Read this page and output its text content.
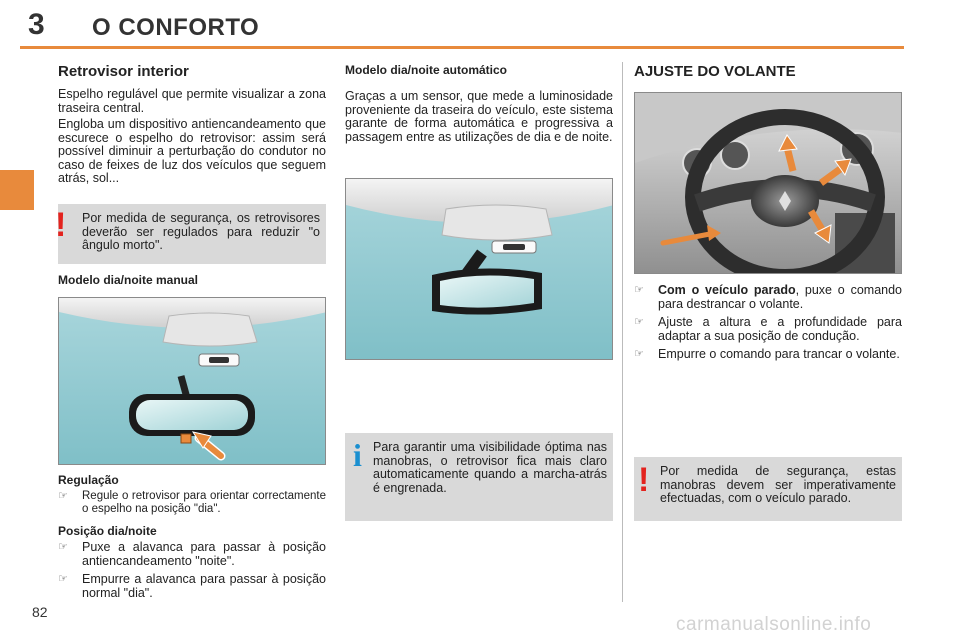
3 O CONFORTO
Retrovisor interior

Espelho regulável que permite visualizar a zona traseira central.

Engloba um dispositivo antiencandeamento que escurece o espelho do retrovisor: assim será possível diminuir a perturbação do condutor no caso de feixes de luz dos veículos que seguem atrás, sol...

! Por medida de segurança, os retrovisores deverão ser regulados para reduzir "o ângulo morto".

Modelo dia/noite manual
Regulação
☞ Regule o retrovisor para orientar correctamente o espelho na posição "dia".
Posição dia/noite
☞ Puxe a alavanca para passar à posição antiencandeamento "noite".
☞ Empurre a alavanca para passar à posição normal "dia".
Modelo dia/noite automático

Graças a um sensor, que mede a luminosidade proveniente da traseira do veículo, este sistema garante de forma automática e progressiva a passagem entre as utilizações de dia e de noite.

i Para garantir uma visibilidade óptima nas manobras, o retrovisor fica mais claro automaticamente quando a marcha-atrás é engrenada.

AJUSTE DO VOLANTE
☞ Com o veículo parado, puxe o comando para destrancar o volante.
☞ Ajuste a altura e a profundidade para adaptar a sua posição de condução.
☞ Empurre o comando para trancar o volante.
! Por medida de segurança, estas manobras devem ser imperativamente efectuadas, com o veículo parado.

82
carmanualsonline.info
